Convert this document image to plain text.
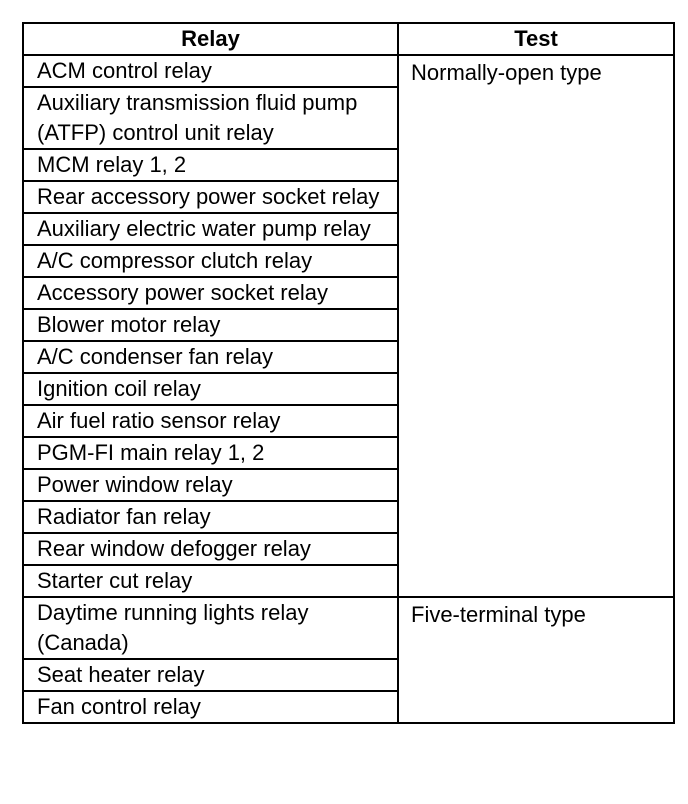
Relay	Test
ACM control relay	Normally-open type
Auxiliary transmission fluid pump (ATFP) control unit relay	
MCM relay 1, 2	
Rear accessory power socket relay	
Auxiliary electric water pump relay	
A/C compressor clutch relay	
Accessory power socket relay	
Blower motor relay	
A/C condenser fan relay	
Ignition coil relay	
Air fuel ratio sensor relay	
PGM-FI main relay 1, 2	
Power window relay	
Radiator fan relay	
Rear window defogger relay	
Starter cut relay	
Daytime running lights relay (Canada)	Five-terminal type
Seat heater relay	
Fan control relay	
